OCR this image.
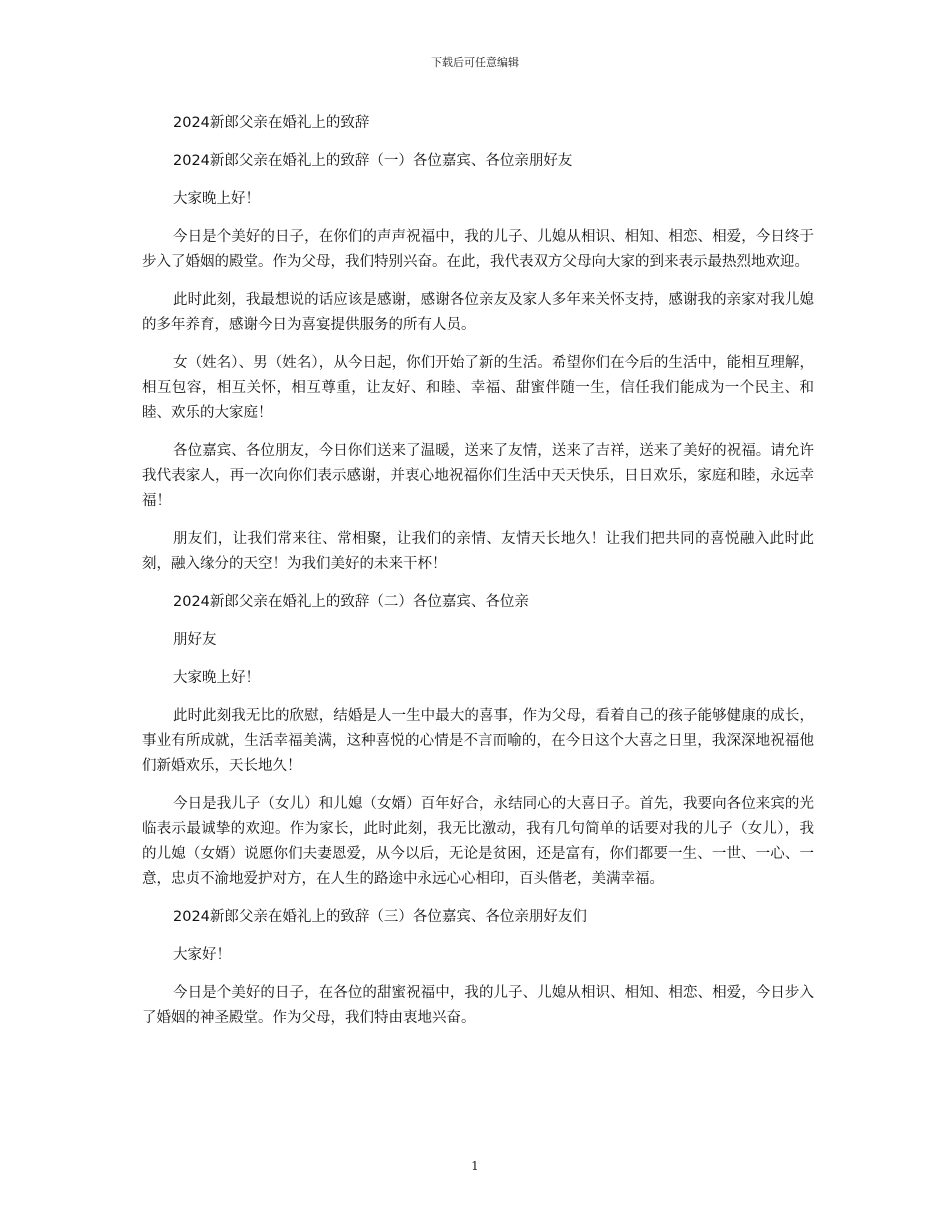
下载后可任意编辑

2024新郎父亲在婚礼上的致辞

2024新郎父亲在婚礼上的致辞（一）各位嘉宾、各位亲朋好友

大家晚上好！

今日是个美好的日子，在你们的声声祝福中，我的儿子、儿媳从相识、相知、相恋、相爱，今日终于步入了婚姻的殿堂。作为父母，我们特别兴奋。在此，我代表双方父母向大家的到来表示最热烈地欢迎。

此时此刻，我最想说的话应该是感谢，感谢各位亲友及家人多年来关怀支持，感谢我的亲家对我儿媳的多年养育，感谢今日为喜宴提供服务的所有人员。

女（姓名）、男（姓名），从今日起，你们开始了新的生活。希望你们在今后的生活中，能相互理解，相互包容，相互关怀，相互尊重，让友好、和睦、幸福、甜蜜伴随一生，信任我们能成为一个民主、和睦、欢乐的大家庭！

各位嘉宾、各位朋友，今日你们送来了温暖，送来了友情，送来了吉祥，送来了美好的祝福。请允许我代表家人，再一次向你们表示感谢，并衷心地祝福你们生活中天天快乐，日日欢乐，家庭和睦，永远幸福！

朋友们，让我们常来往、常相聚，让我们的亲情、友情天长地久！让我们把共同的喜悦融入此时此刻，融入缘分的天空！为我们美好的未来干杯！

2024新郎父亲在婚礼上的致辞（二）各位嘉宾、各位亲

朋好友

大家晚上好！

此时此刻我无比的欣慰，结婚是人一生中最大的喜事，作为父母，看着自己的孩子能够健康的成长，事业有所成就，生活幸福美满，这种喜悦的心情是不言而喻的，在今日这个大喜之日里，我深深地祝福他们新婚欢乐，天长地久！

今日是我儿子（女儿）和儿媳（女婿）百年好合，永结同心的大喜日子。首先，我要向各位来宾的光临表示最诚挚的欢迎。作为家长，此时此刻，我无比激动，我有几句简单的话要对我的儿子（女儿），我的儿媳（女婿）说愿你们夫妻恩爱，从今以后，无论是贫困，还是富有，你们都要一生、一世、一心、一意，忠贞不渝地爱护对方，在人生的路途中永远心心相印，百头偕老，美满幸福。

2024新郎父亲在婚礼上的致辞（三）各位嘉宾、各位亲朋好友们

大家好！

今日是个美好的日子，在各位的甜蜜祝福中，我的儿子、儿媳从相识、相知、相恋、相爱，今日步入了婚姻的神圣殿堂。作为父母，我们特由衷地兴奋。

1
